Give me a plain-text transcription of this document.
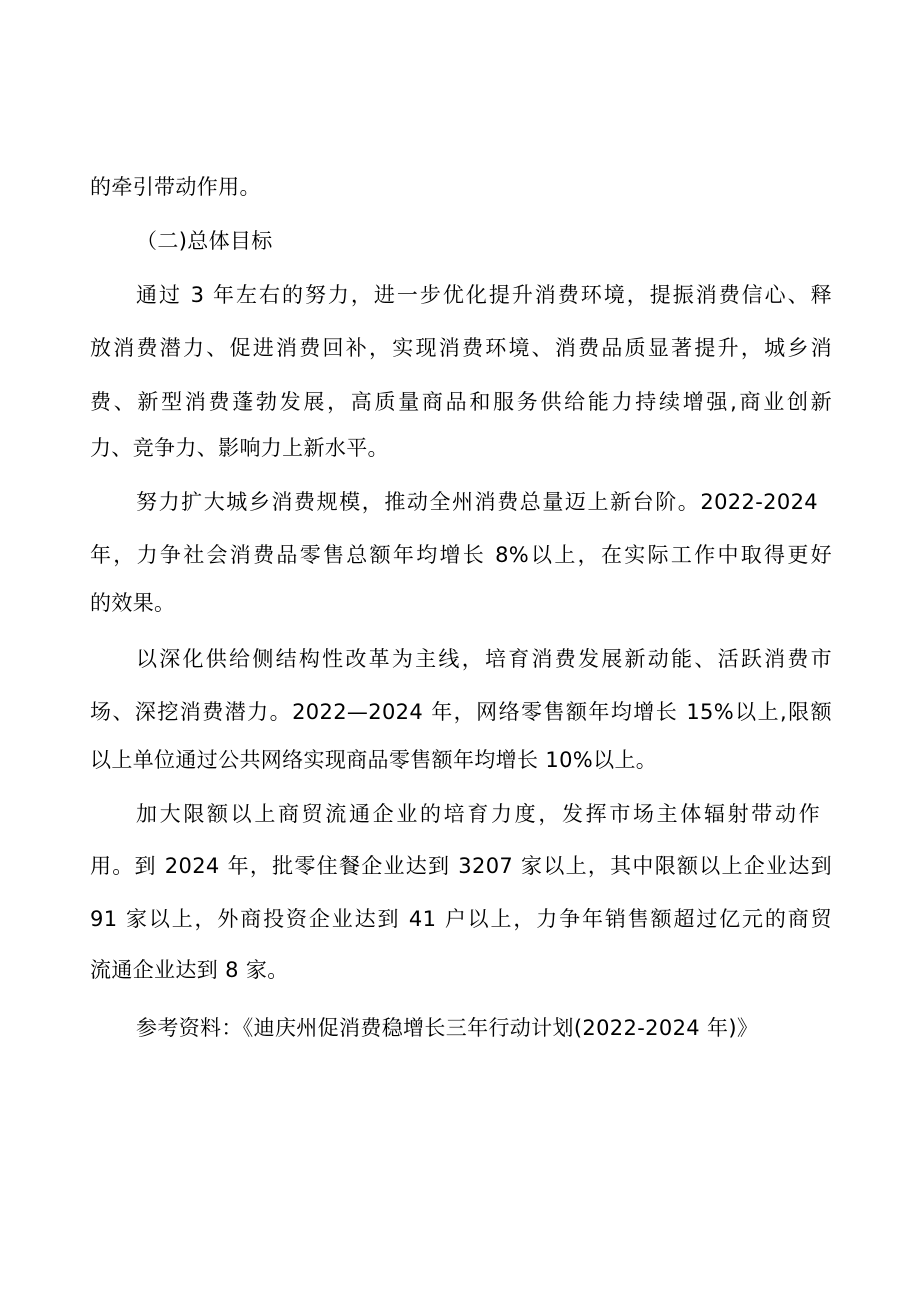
的牵引带动作用。

（二)总体目标

通过 3 年左右的努力，进一步优化提升消费环境，提振消费信心、释

放消费潜力、促进消费回补，实现消费环境、消费品质显著提升，城乡消

费、新型消费蓬勃发展，高质量商品和服务供给能力持续增强,商业创新

力、竞争力、影响力上新水平。

努力扩大城乡消费规模，推动全州消费总量迈上新台阶。2022-2024

年，力争社会消费品零售总额年均增长 8%以上，在实际工作中取得更好

的效果。

以深化供给侧结构性改革为主线，培育消费发展新动能、活跃消费市

场、深挖消费潜力。2022—2024 年，网络零售额年均增长 15%以上,限额

以上单位通过公共网络实现商品零售额年均增长 10%以上。

加大限额以上商贸流通企业的培育力度，发挥市场主体辐射带动作

用。到 2024 年，批零住餐企业达到 3207 家以上，其中限额以上企业达到

91 家以上，外商投资企业达到 41 户以上，力争年销售额超过亿元的商贸

流通企业达到 8 家。

参考资料：《迪庆州促消费稳增长三年行动计划(2022-2024 年)》
